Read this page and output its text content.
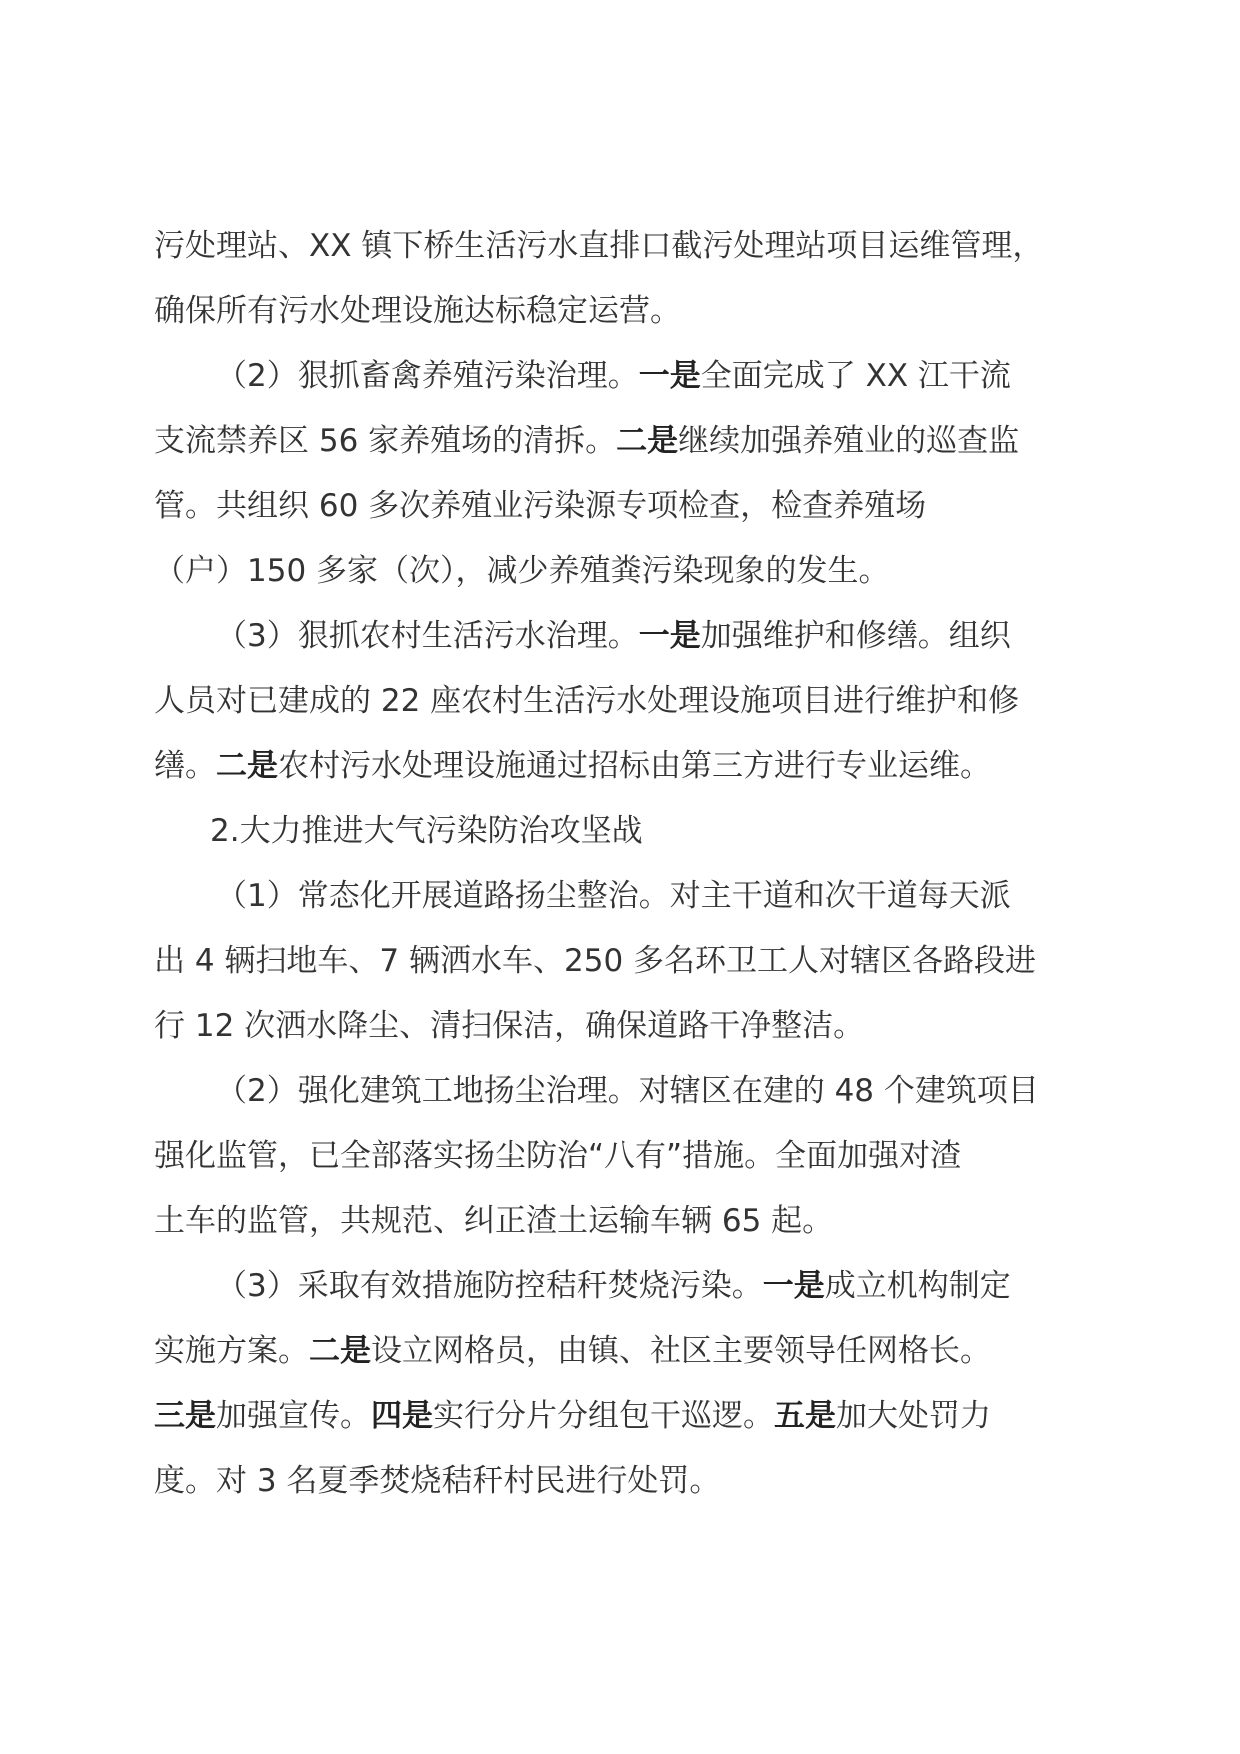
污处理站、XX 镇下桥生活污水直排口截污处理站项目运维管理，
确保所有污水处理设施达标稳定运营。
（2）狠抓畜禽养殖污染治理。一是全面完成了 XX 江干流
支流禁养区 56 家养殖场的清拆。二是继续加强养殖业的巡查监
管。共组织 60 多次养殖业污染源专项检查，检查养殖场
（户）150 多家（次），减少养殖粪污染现象的发生。
（3）狠抓农村生活污水治理。一是加强维护和修缮。组织
人员对已建成的 22 座农村生活污水处理设施项目进行维护和修
缮。二是农村污水处理设施通过招标由第三方进行专业运维。
2.大力推进大气污染防治攻坚战
（1）常态化开展道路扬尘整治。对主干道和次干道每天派
出 4 辆扫地车、7 辆洒水车、250 多名环卫工人对辖区各路段进
行 12 次洒水降尘、清扫保洁，确保道路干净整洁。
（2）强化建筑工地扬尘治理。对辖区在建的 48 个建筑项目
强化监管，已全部落实扬尘防治“八有”措施。全面加强对渣
土车的监管，共规范、纠正渣土运输车辆 65 起。
（3）采取有效措施防控秸秆焚烧污染。一是成立机构制定
实施方案。二是设立网格员，由镇、社区主要领导任网格长。
三是加强宣传。四是实行分片分组包干巡逻。五是加大处罚力
度。对 3 名夏季焚烧秸秆村民进行处罚。
